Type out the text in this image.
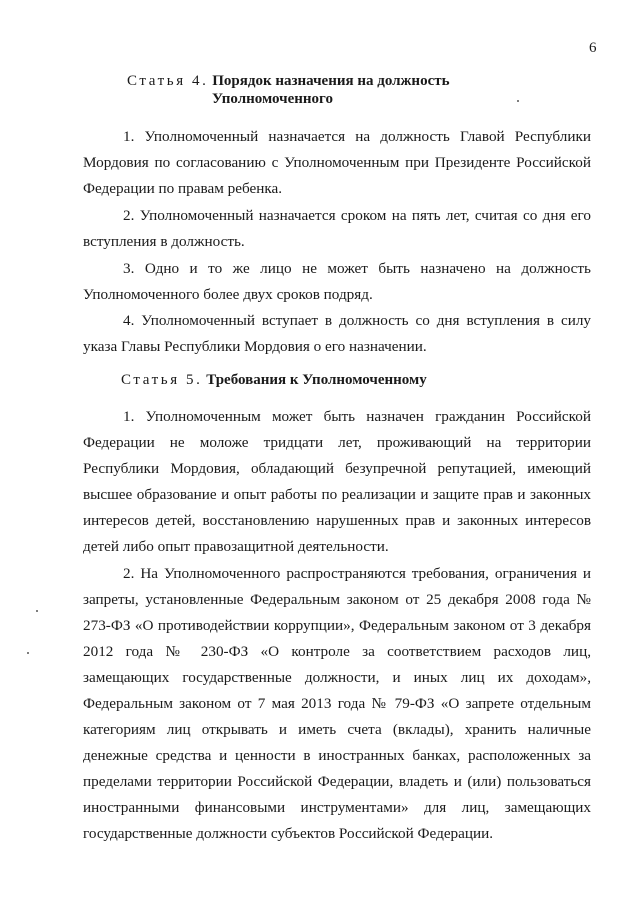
6
Статья 4. Порядок назначения на должность
Уполномоченного

1. Уполномоченный назначается на должность Главой Республики Мордовия по согласованию с Уполномоченным при Президенте Российской Федерации по правам ребенка.

2. Уполномоченный назначается сроком на пять лет, считая со дня его вступления в должность.

3. Одно и то же лицо не может быть назначено на должность Уполномоченного более двух сроков подряд.

4. Уполномоченный вступает в должность со дня вступления в силу указа Главы Республики Мордовия о его назначении.

Статья 5. Требования к Уполномоченному

1. Уполномоченным может быть назначен гражданин Российской Федерации не моложе тридцати лет, проживающий на территории Республики Мордовия, обладающий безупречной репутацией, имеющий высшее образование и опыт работы по реализации и защите прав и законных интересов детей, восстановлению нарушенных прав и законных интересов детей либо опыт правозащитной деятельности.

2. На Уполномоченного распространяются требования, ограничения и запреты, установленные Федеральным законом от 25 декабря 2008 года № 273-ФЗ «О противодействии коррупции», Федеральным законом от 3 декабря 2012 года № 230-ФЗ «О контроле за соответствием расходов лиц, замещающих государственные должности, и иных лиц их доходам», Федеральным законом от 7 мая 2013 года № 79-ФЗ «О запрете отдельным категориям лиц открывать и иметь счета (вклады), хранить наличные денежные средства и ценности в иностранных банках, расположенных за пределами территории Российской Федерации, владеть и (или) пользоваться иностранными финансовыми инструментами» для лиц, замещающих государственные должности субъектов Российской Федерации.
